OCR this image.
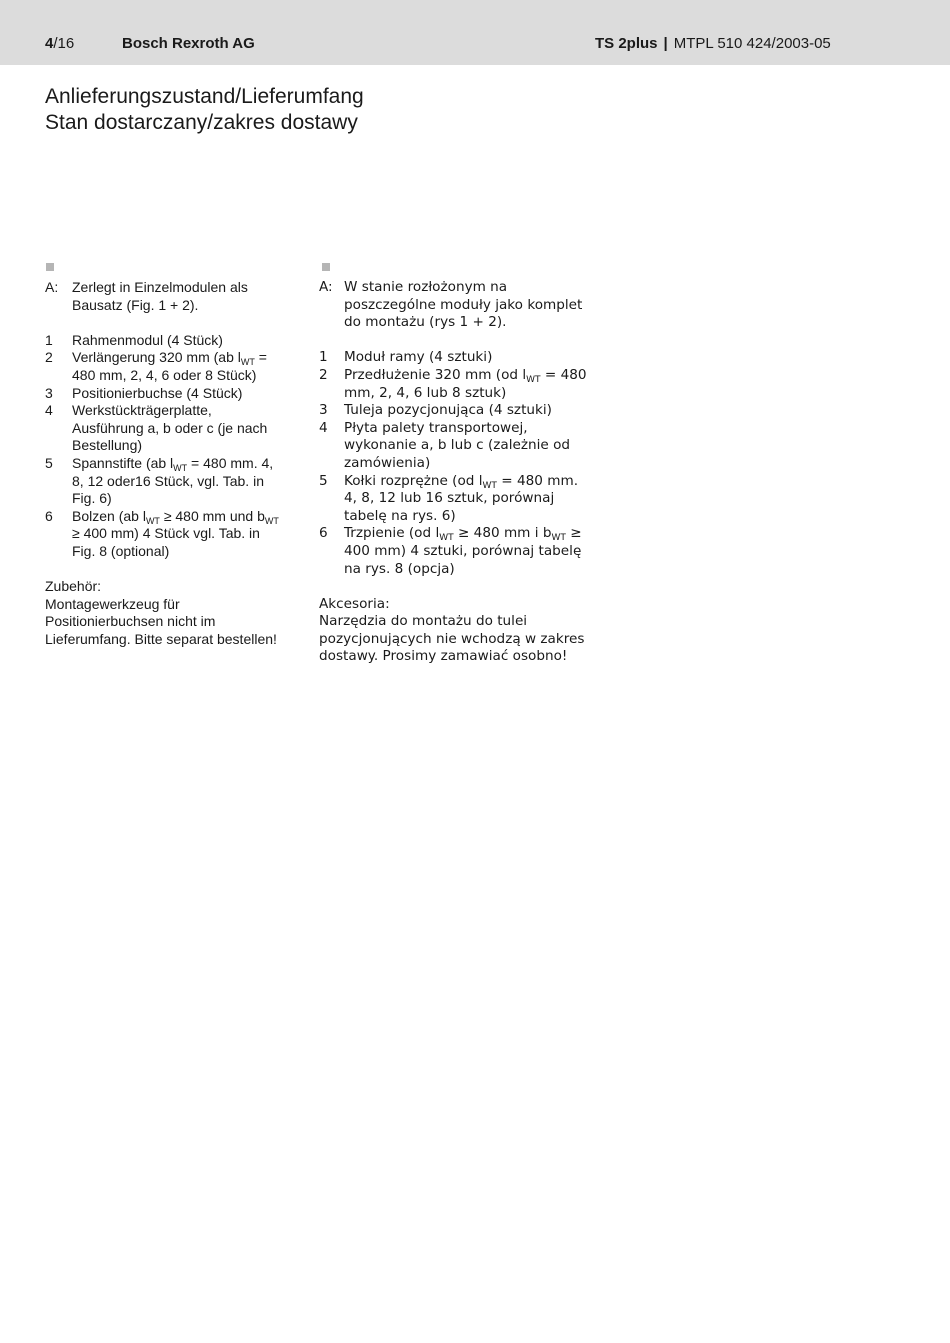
4/16	Bosch Rexroth AG	TS 2plus | MTPL 510 424/2003-05
Anlieferungszustand/Lieferumfang
Stan dostarczany/zakres dostawy
A: Zerlegt in Einzelmodulen als Bausatz (Fig. 1 + 2).
1	Rahmenmodul (4 Stück)
2	Verlängerung 320 mm (ab $l_{WT} = 480$ mm, 2, 4, 6 oder 8 Stück)
3	Positionierbuchse (4 Stück)
4	Werkstückträgerplatte, Ausführung a, b oder c (je nach Bestellung)
5	Spannstifte (ab $l_{WT} = 480$ mm. 4, 8, 12 oder16 Stück, vgl. Tab. in Fig. 6)
6	Bolzen (ab $l_{WT} \ge 480$ mm und $b_{WT} \ge 400$ mm) 4 Stück vgl. Tab. in Fig. 8 (optional)
Zubehör:
Montagewerkzeug für Positionierbuchsen nicht im Lieferumfang. Bitte separat bestellen!
A: W stanie rozłożonym na poszczególne moduły jako komplet do montażu (rys 1 + 2).
1	Moduł ramy (4 sztuki)
2	Przedłużenie 320 mm (od $l_{WT} = 480$ mm, 2, 4, 6 lub 8 sztuk)
3	Tuleja pozycjonująca (4 sztuki)
4	Płyta palety transportowej, wykonanie a, b lub c (zależnie od zamówienia)
5	Kołki rozprężne (od $l_{WT} = 480$ mm. 4, 8, 12 lub 16 sztuk, porównaj tabelę na rys. 6)
6	Trzpienie (od $l_{WT} \ge 480$ mm i $b_{WT} \ge 400$ mm) 4 sztuki, porównaj tabelę na rys. 8 (opcja)
Akcesoria:
Narzędzia do montażu do tulei pozycjonujących nie wchodzą w zakres dostawy. Prosimy zamawiać osobno!
